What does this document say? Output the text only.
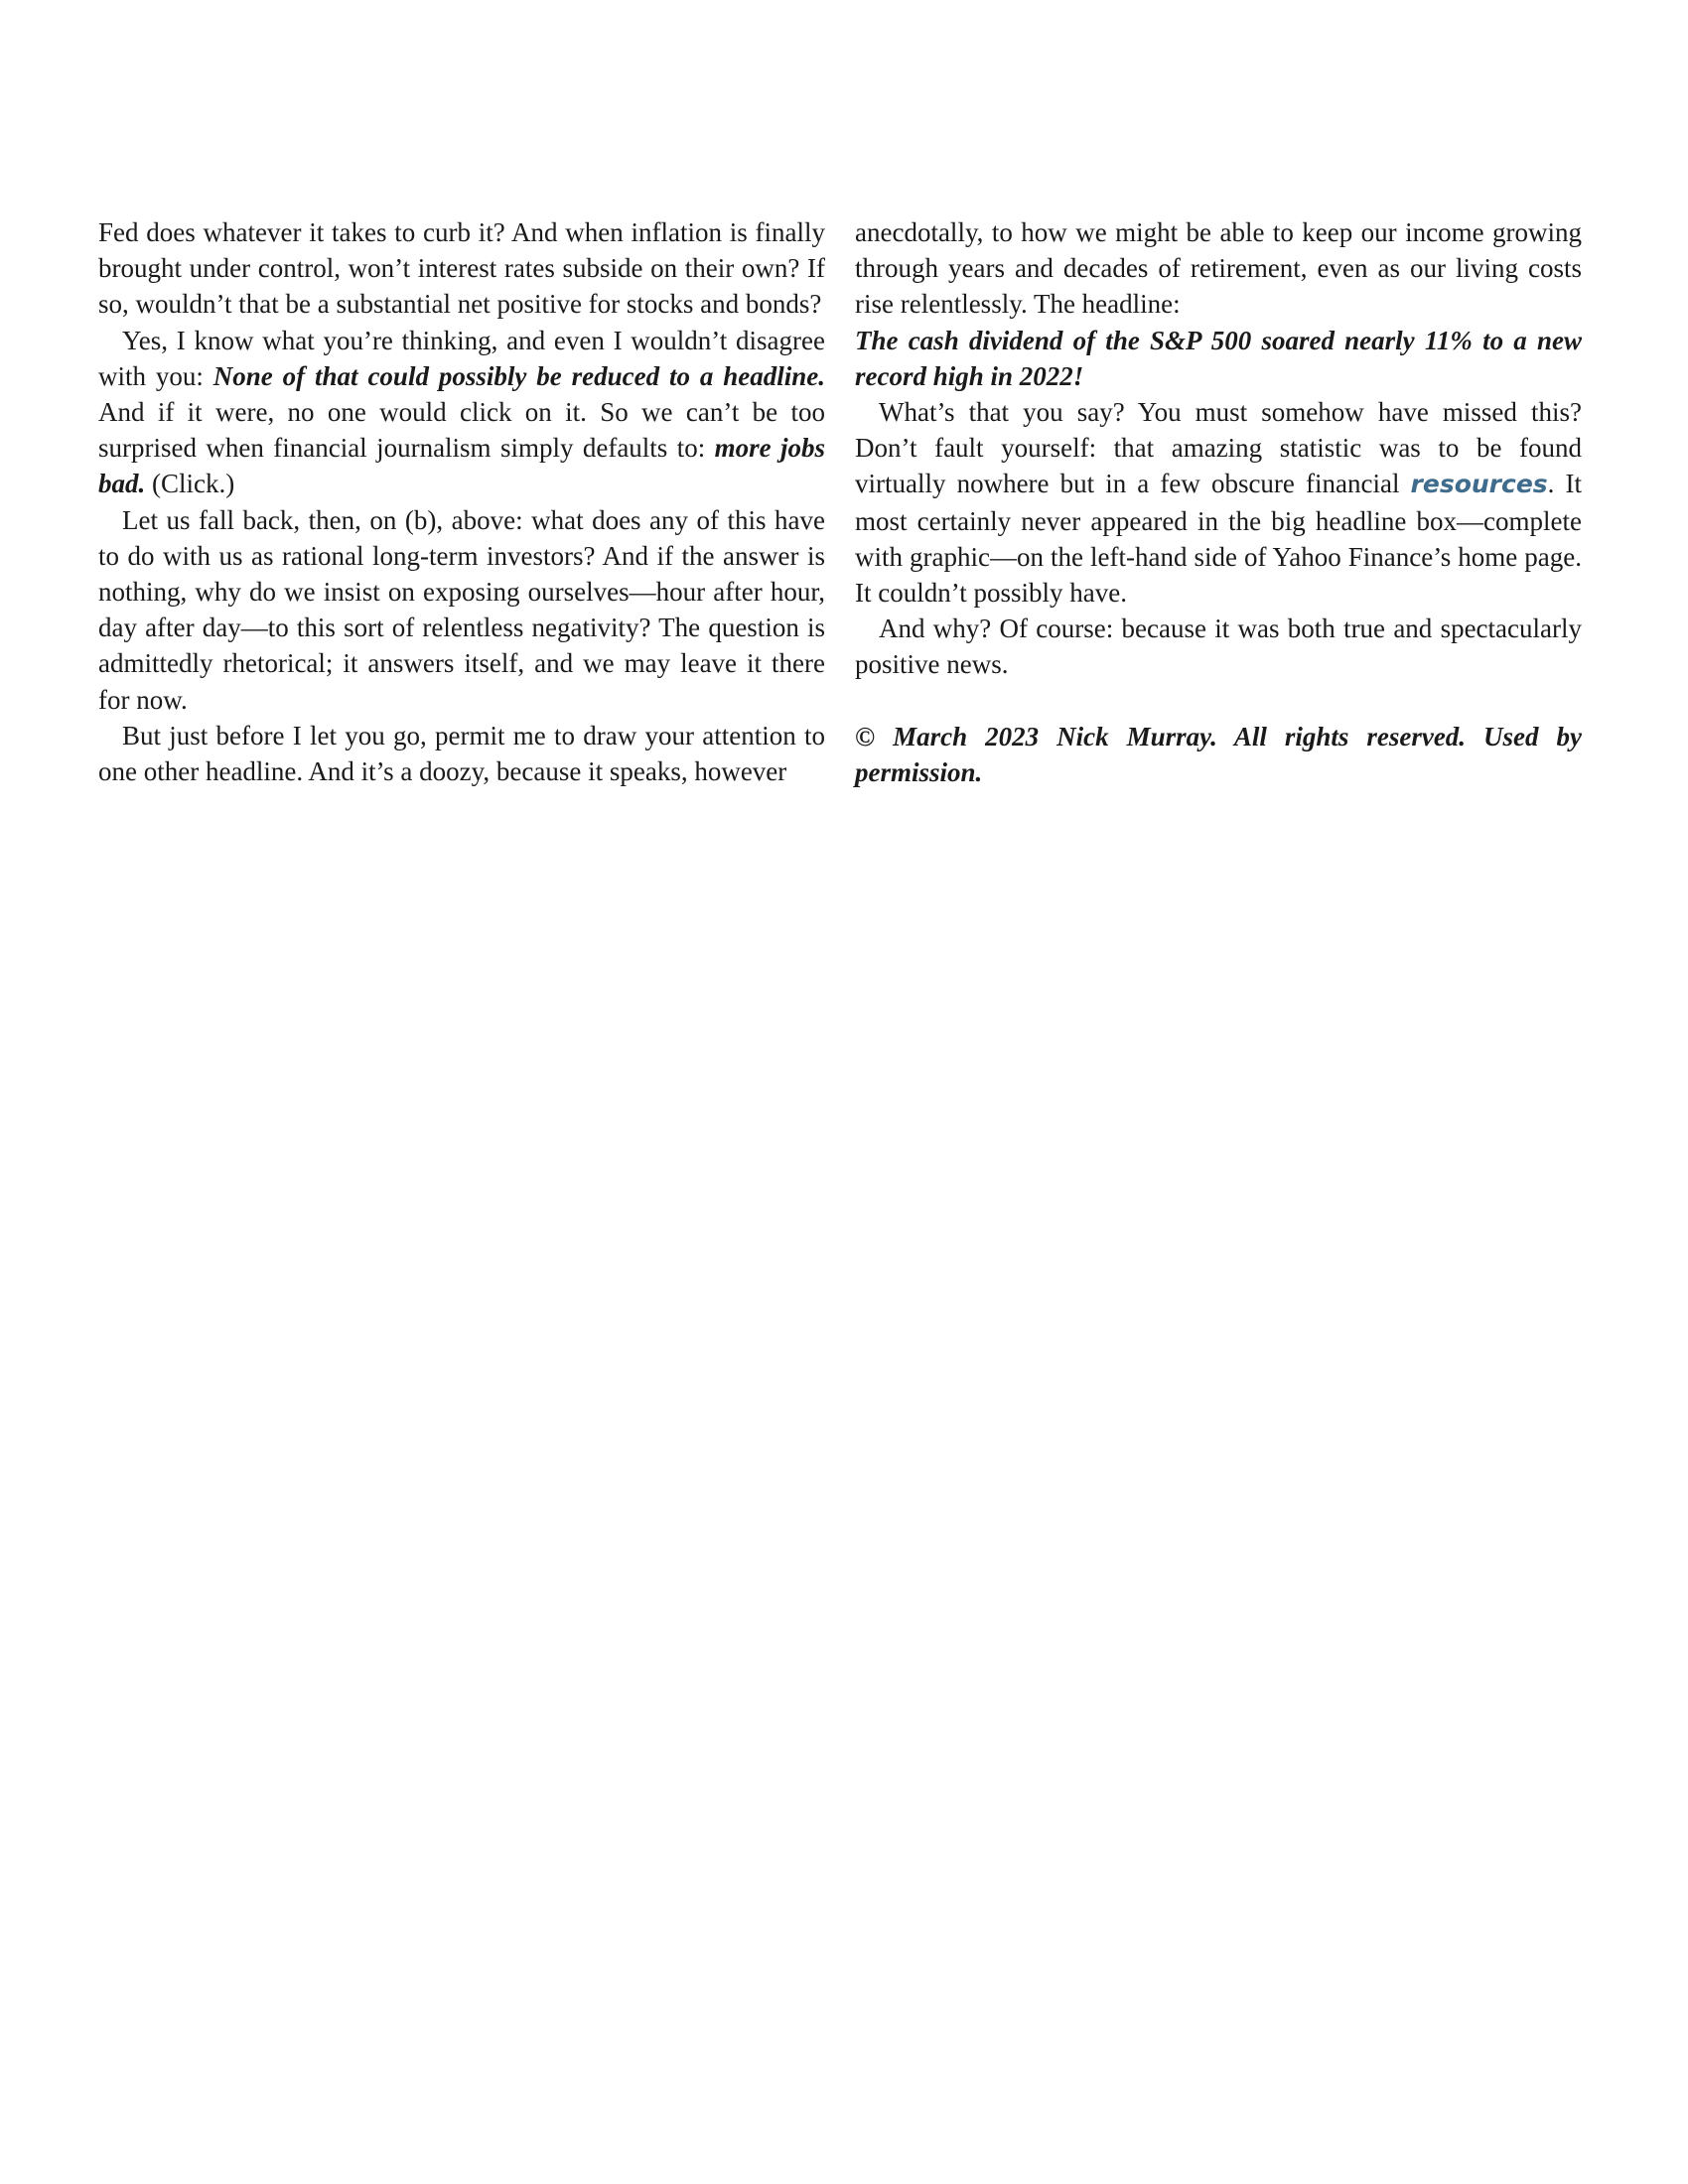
Fed does whatever it takes to curb it? And when inflation is finally brought under control, won’t interest rates subside on their own? If so, wouldn’t that be a substantial net positive for stocks and bonds?

Yes, I know what you’re thinking, and even I wouldn’t disagree with you: None of that could possibly be reduced to a headline. And if it were, no one would click on it. So we can’t be too surprised when financial journalism simply defaults to: more jobs bad. (Click.)

Let us fall back, then, on (b), above: what does any of this have to do with us as rational long-term investors? And if the answer is nothing, why do we insist on exposing ourselves—hour after hour, day after day—to this sort of relentless negativity? The question is admittedly rhetorical; it answers itself, and we may leave it there for now.

But just before I let you go, permit me to draw your attention to one other headline. And it’s a doozy, because it speaks, however

anecdotally, to how we might be able to keep our income growing through years and decades of retirement, even as our living costs rise relentlessly. The headline:

The cash dividend of the S&P 500 soared nearly 11% to a new record high in 2022!

What’s that you say? You must somehow have missed this? Don’t fault yourself: that amazing statistic was to be found virtually nowhere but in a few obscure financial resources. It most certainly never appeared in the big headline box—complete with graphic—on the left-hand side of Yahoo Finance’s home page. It couldn’t possibly have.

And why? Of course: because it was both true and spectacularly positive news.

© March 2023 Nick Murray. All rights reserved. Used by permission.
